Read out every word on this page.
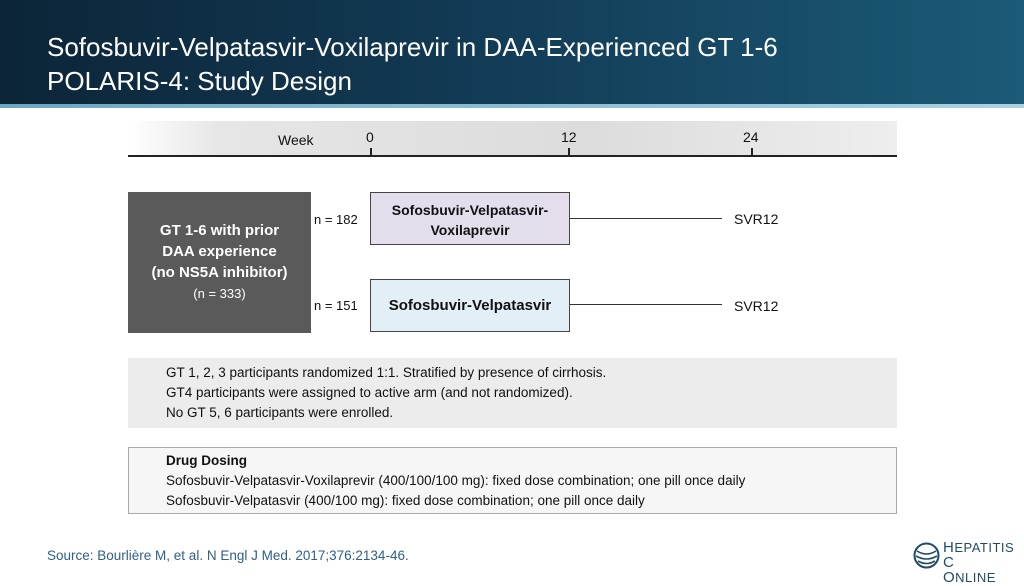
Sofosbuvir-Velpatasvir-Voxilaprevir in DAA-Experienced GT 1-6
POLARIS-4: Study Design
Week	0	12	24
GT 1-6 with prior
DAA experience
(no NS5A inhibitor)
(n = 333)
n = 182
Sofosbuvir-Velpatasvir-
Voxilaprevir
SVR12
n = 151	Sofosbuvir-Velpatasvir	SVR12
GT 1, 2, 3 participants randomized 1:1. Stratified by presence of cirrhosis.
GT4 participants were assigned to active arm (and not randomized).
No GT 5, 6 participants were enrolled.
Drug Dosing
Sofosbuvir-Velpatasvir-Voxilaprevir (400/100/100 mg): fixed dose combination; one pill once daily
Sofosbuvir-Velpatasvir (400/100 mg): fixed dose combination; one pill once daily
Source: Bourlière M, et al. N Engl J Med. 2017;376:2134-46.	HEPATITIS C
ONLINE
